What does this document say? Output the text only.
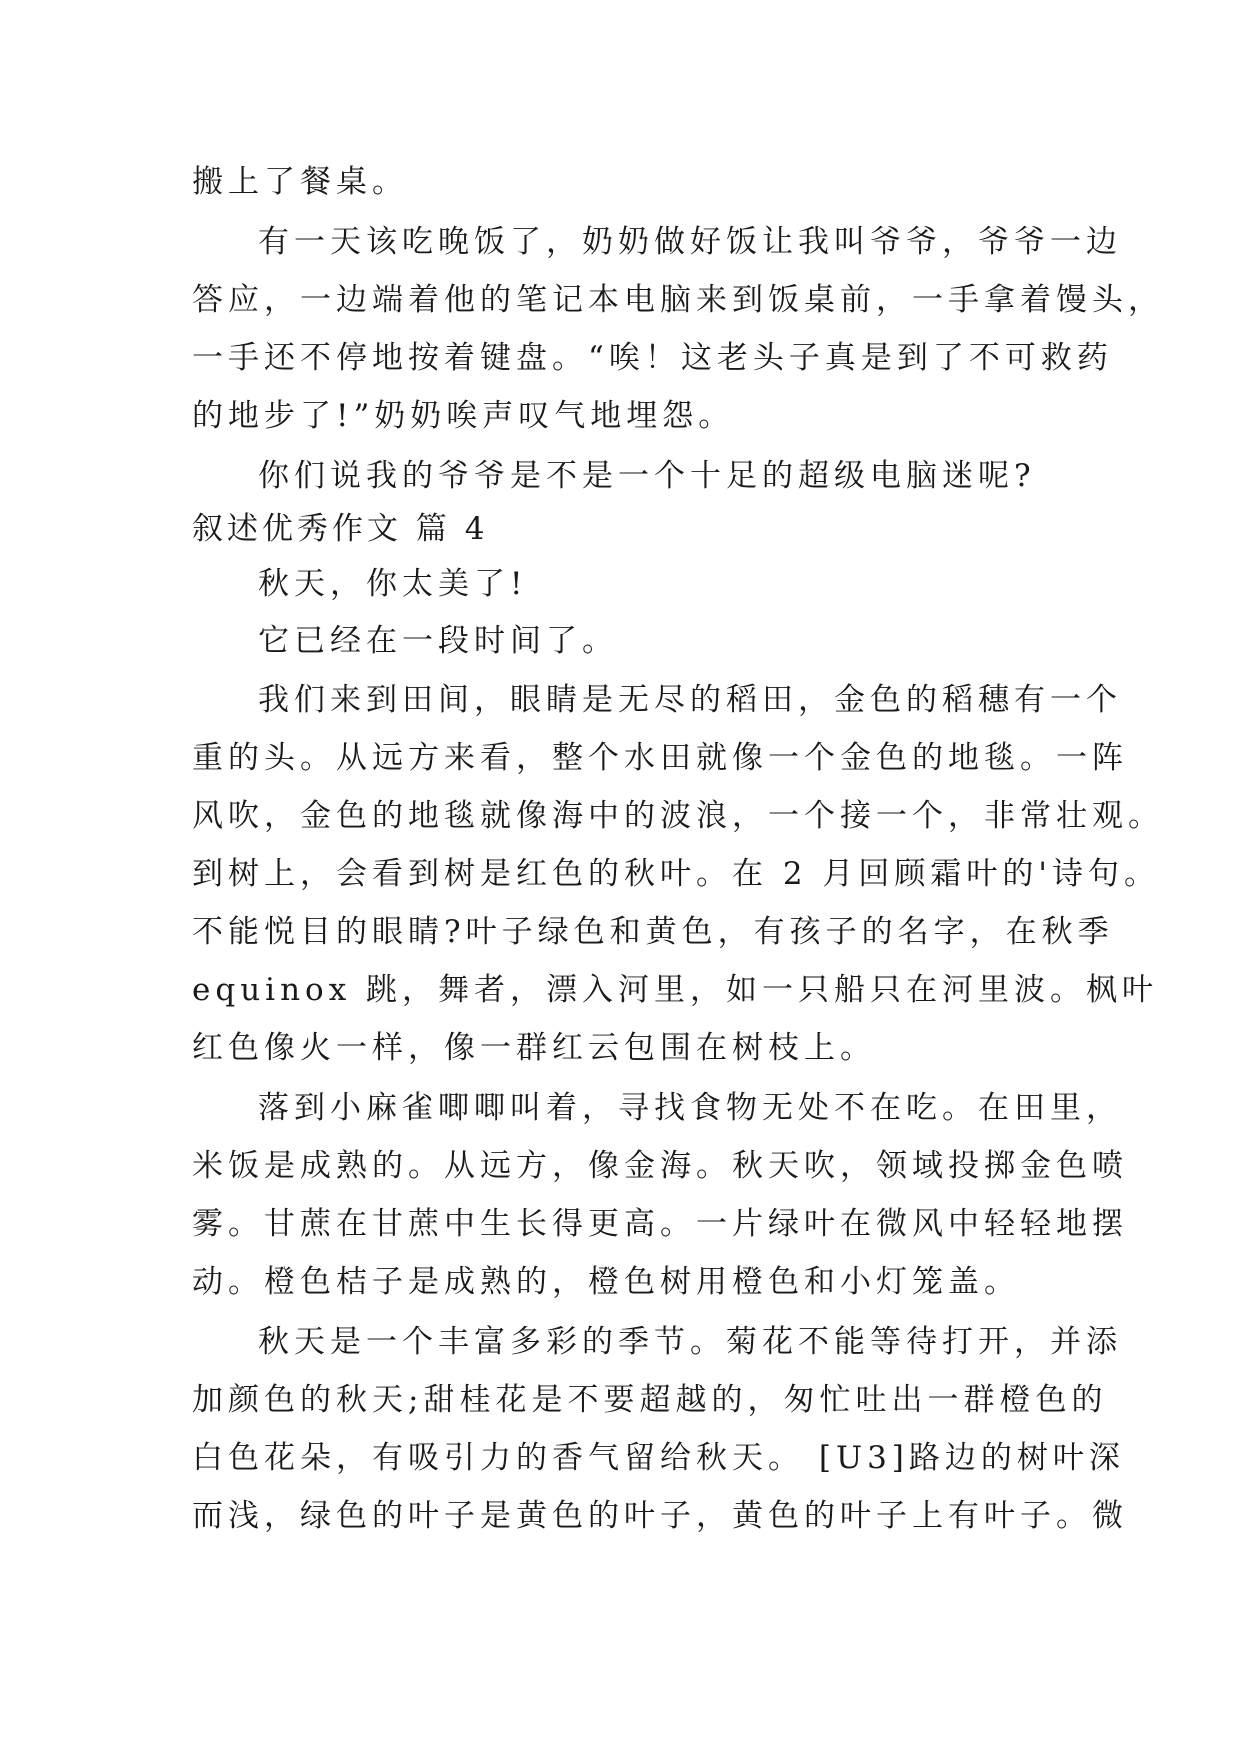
搬上了餐桌。
有一天该吃晚饭了，奶奶做好饭让我叫爷爷，爷爷一边
答应，一边端着他的笔记本电脑来到饭桌前，一手拿着馒头，
一手还不停地按着键盘。“唉！这老头子真是到了不可救药
的地步了!”奶奶唉声叹气地埋怨。
你们说我的爷爷是不是一个十足的超级电脑迷呢?
叙述优秀作文 篇 4
秋天，你太美了!
它已经在一段时间了。
我们来到田间，眼睛是无尽的稻田，金色的稻穗有一个
重的头。从远方来看，整个水田就像一个金色的地毯。一阵
风吹，金色的地毯就像海中的波浪，一个接一个，非常壮观。
到树上，会看到树是红色的秋叶。在 2 月回顾霜叶的'诗句。
不能悦目的眼睛?叶子绿色和黄色，有孩子的名字，在秋季
equinox 跳，舞者，漂入河里，如一只船只在河里波。枫叶
红色像火一样，像一群红云包围在树枝上。
落到小麻雀唧唧叫着，寻找食物无处不在吃。在田里，
米饭是成熟的。从远方，像金海。秋天吹，领域投掷金色喷
雾。甘蔗在甘蔗中生长得更高。一片绿叶在微风中轻轻地摆
动。橙色桔子是成熟的，橙色树用橙色和小灯笼盖。
秋天是一个丰富多彩的季节。菊花不能等待打开，并添
加颜色的秋天;甜桂花是不要超越的，匆忙吐出一群橙色的
白色花朵，有吸引力的香气留给秋天。 [U3]路边的树叶深
而浅，绿色的叶子是黄色的叶子，黄色的叶子上有叶子。微
